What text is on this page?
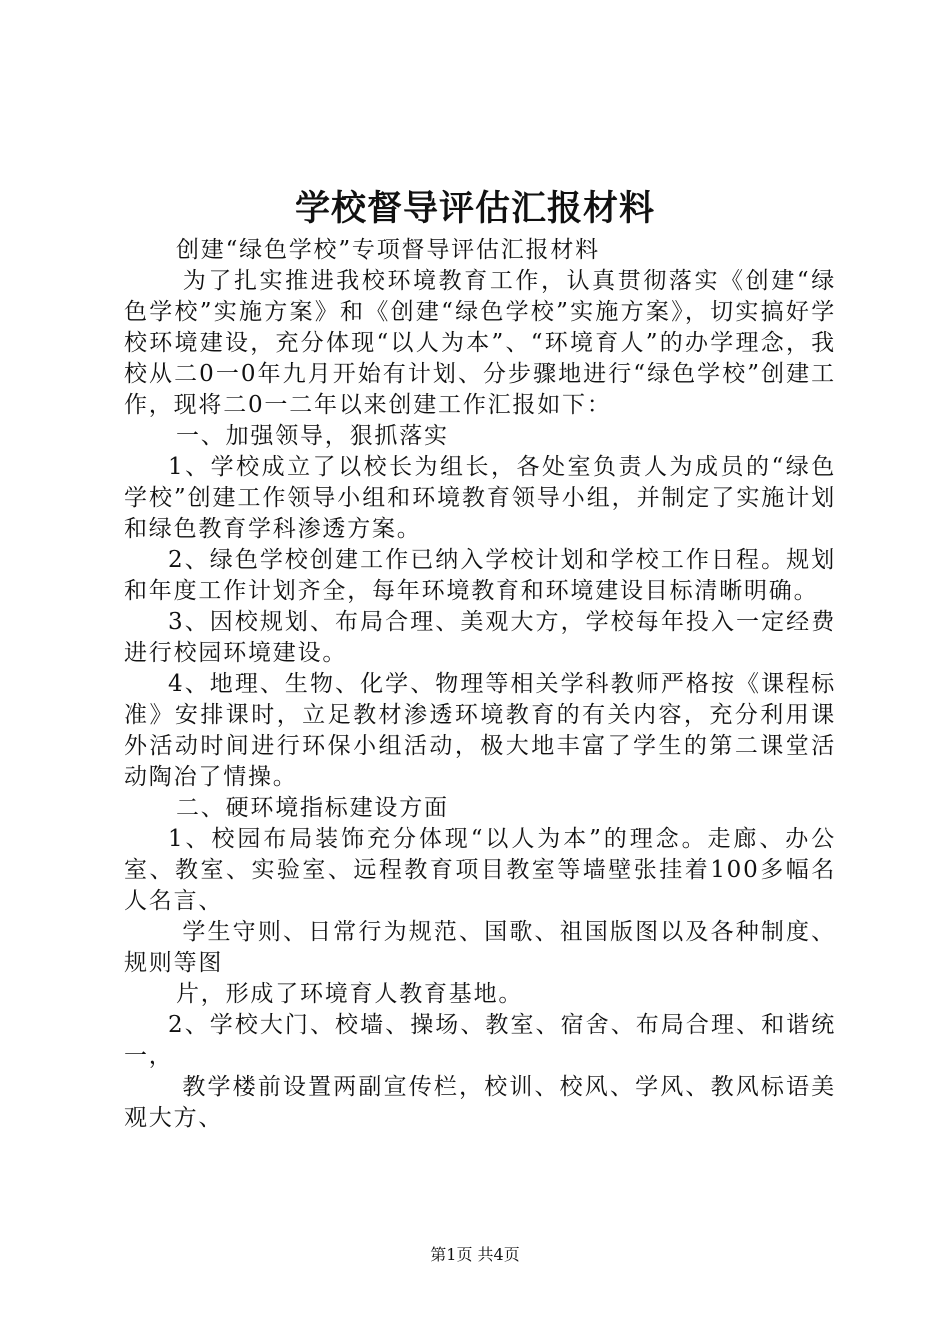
学校督导评估汇报材料

创建“绿色学校”专项督导评估汇报材料

为了扎实推进我校环境教育工作，认真贯彻落实《创建“绿色学校”实施方案》和《创建“绿色学校”实施方案》，切实搞好学校环境建设，充分体现“以人为本”、“环境育人”的办学理念，我校从二0一0年九月开始有计划、分步骤地进行“绿色学校”创建工作，现将二0一二年以来创建工作汇报如下：

一、加强领导，狠抓落实

1、学校成立了以校长为组长，各处室负责人为成员的“绿色学校”创建工作领导小组和环境教育领导小组，并制定了实施计划和绿色教育学科渗透方案。

2、绿色学校创建工作已纳入学校计划和学校工作日程。规划和年度工作计划齐全，每年环境教育和环境建设目标清晰明确。

3、因校规划、布局合理、美观大方，学校每年投入一定经费进行校园环境建设。

4、地理、生物、化学、物理等相关学科教师严格按《课程标准》安排课时，立足教材渗透环境教育的有关内容，充分利用课外活动时间进行环保小组活动，极大地丰富了学生的第二课堂活动陶冶了情操。

二、硬环境指标建设方面

1、校园布局装饰充分体现“以人为本”的理念。走廊、办公室、教室、实验室、远程教育项目教室等墙壁张挂着100多幅名人名言、

学生守则、日常行为规范、国歌、祖国版图以及各种制度、规则等图

片，形成了环境育人教育基地。

2、学校大门、校墙、操场、教室、宿舍、布局合理、和谐统一，

教学楼前设置两副宣传栏，校训、校风、学风、教风标语美观大方、

第1页 共4页
